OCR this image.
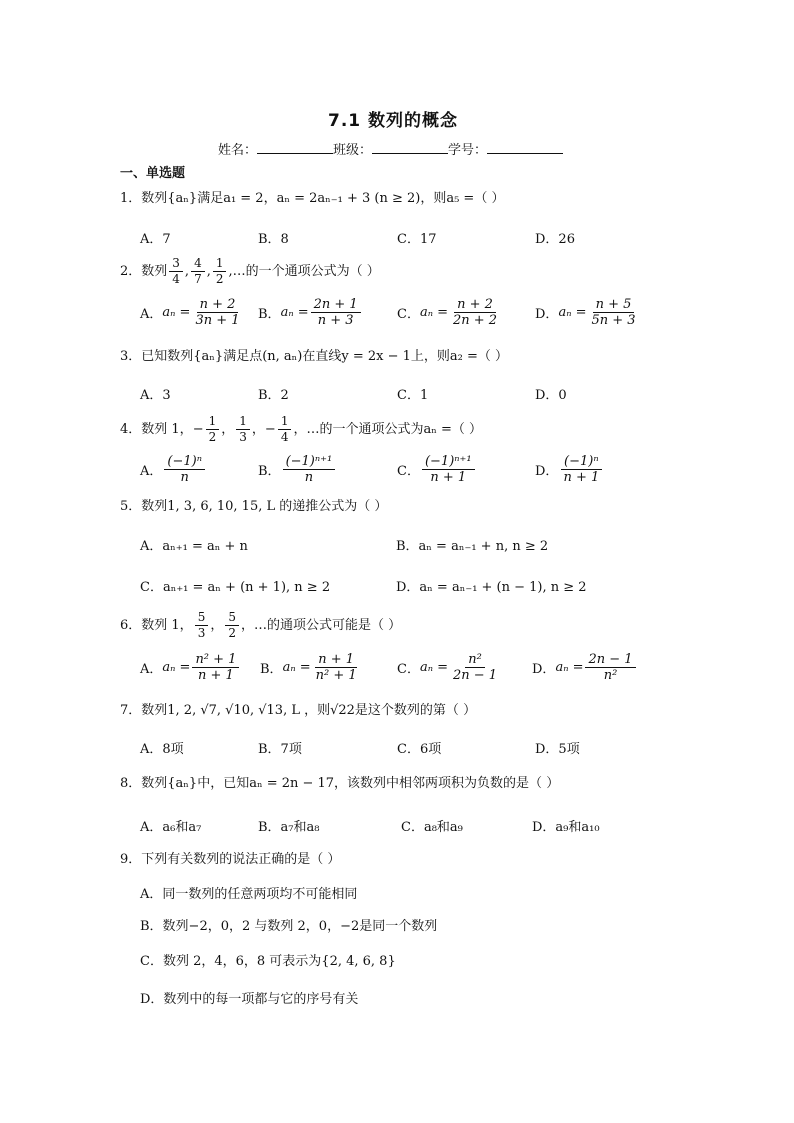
7.1 数列的概念
姓名：	班级：	学号：
一、单选题
1．数列{aₙ}满足a₁ = 2，aₙ = 2aₙ₋₁ + 3 (n ≥ 2)，则a₅ =（ ）
A．7	B．8	C．17	D．26
2．数列 $\frac{3}{4}$ , $\frac{4}{7}$ , $\frac{1}{2}$ ,…的一个通项公式为（ ）
A． $a_n = \frac{n + 2}{3n + 1}$ B． $a_n = \frac{2n + 1}{n + 3}$	C． $a_n = \frac{n + 2}{2n + 2}$	D． $a_n = \frac{n + 5}{5n + 3}$
3．已知数列{aₙ}满足点(n, aₙ)在直线y = 2x − 1上，则a₂ =（ ）
A．3	B．2	C．1	D．0
4．数列 1， − $\frac{1}{2}$ ， $\frac{1}{3}$ ， − $\frac{1}{4}$ ，…的一个通项公式为aₙ =（ ）
A． $\frac{\text{(−1)ⁿ}}{n}$	B． $\frac{\text{(−1)ⁿ⁺¹}}{n}$	C． $\frac{\text{(−1)ⁿ⁺¹}}{n + 1}$	D． $\frac{\text{(−1)ⁿ}}{n + 1}$
5．数列1, 3, 6, 10, 15, L 的递推公式为（ ）
A．aₙ₊₁ = aₙ + n	B．aₙ = aₙ₋₁ + n, n ≥ 2
C．aₙ₊₁ = aₙ + (n + 1), n ≥ 2	D．aₙ = aₙ₋₁ + (n − 1), n ≥ 2
6．数列 1， $\frac{5}{3}$ ， $\frac{5}{2}$ ，…的通项公式可能是（ ）
A． $a_n = \frac{\text{n² + 1}}{n + 1}$ B． $a_n = \frac{n + 1}{\text{n² + 1}}$	C． $a_n = \frac{\text{n²}}{2n - 1}$ D． $a_n = \frac{2n - 1}{\text{n²}}$
7．数列1, 2, √7, √10, √13, L ，则√22是这个数列的第（ ）
A．8项	B．7项	C．6项	D．5项
8．数列{aₙ}中，已知aₙ = 2n − 17，该数列中相邻两项积为负数的是（ ）
A．a₆和a₇	B．a₇和a₈	C．a₈和a₉	D．a₉和a₁₀
9．下列有关数列的说法正确的是（ ）
A．同一数列的任意两项均不可能相同
B．数列−2，0，2 与数列 2，0，−2是同一个数列
C．数列 2，4，6，8 可表示为{2, 4, 6, 8}
D．数列中的每一项都与它的序号有关
